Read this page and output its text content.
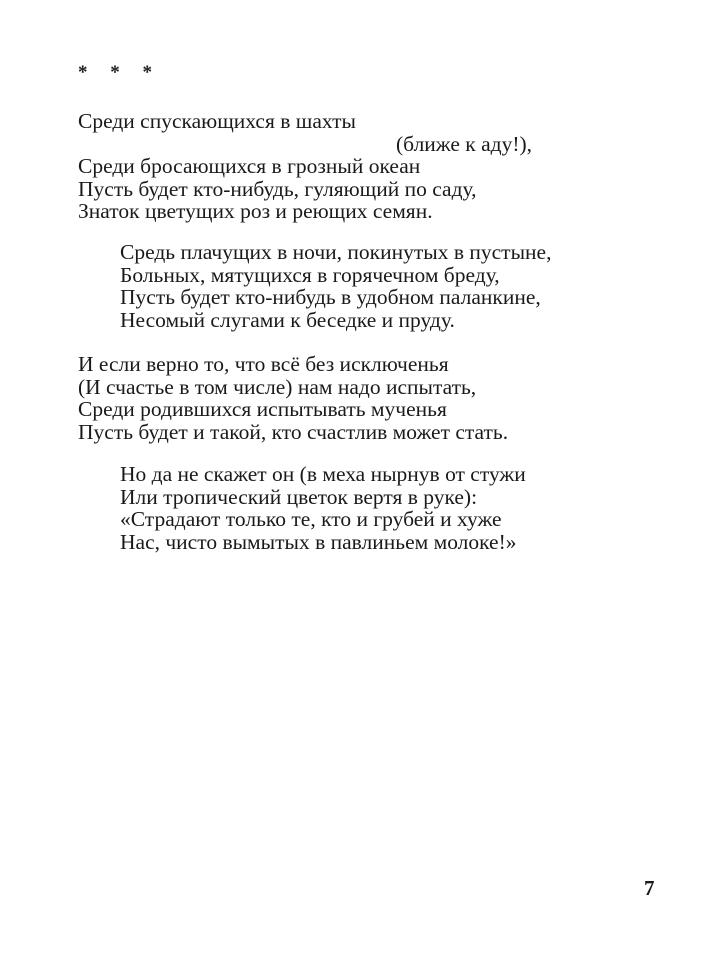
* * *
Среди спускающихся в шахты
(ближе к аду!),
Среди бросающихся в грозный океан
Пусть будет кто-нибудь, гуляющий по саду,
Знаток цветущих роз и реющих семян.
Средь плачущих в ночи, покинутых в пустыне,
Больных, мятущихся в горячечном бреду,
Пусть будет кто-нибудь в удобном паланкине,
Несомый слугами к беседке и пруду.
И если верно то, что всё без исключенья
(И счастье в том числе) нам надо испытать,
Среди родившихся испытывать мученья
Пусть будет и такой, кто счастлив может стать.
Но да не скажет он (в меха нырнув от стужи
Или тропический цветок вертя в руке):
«Страдают только те, кто и грубей и хуже
Нас, чисто вымытых в павлиньем молоке!»
7
